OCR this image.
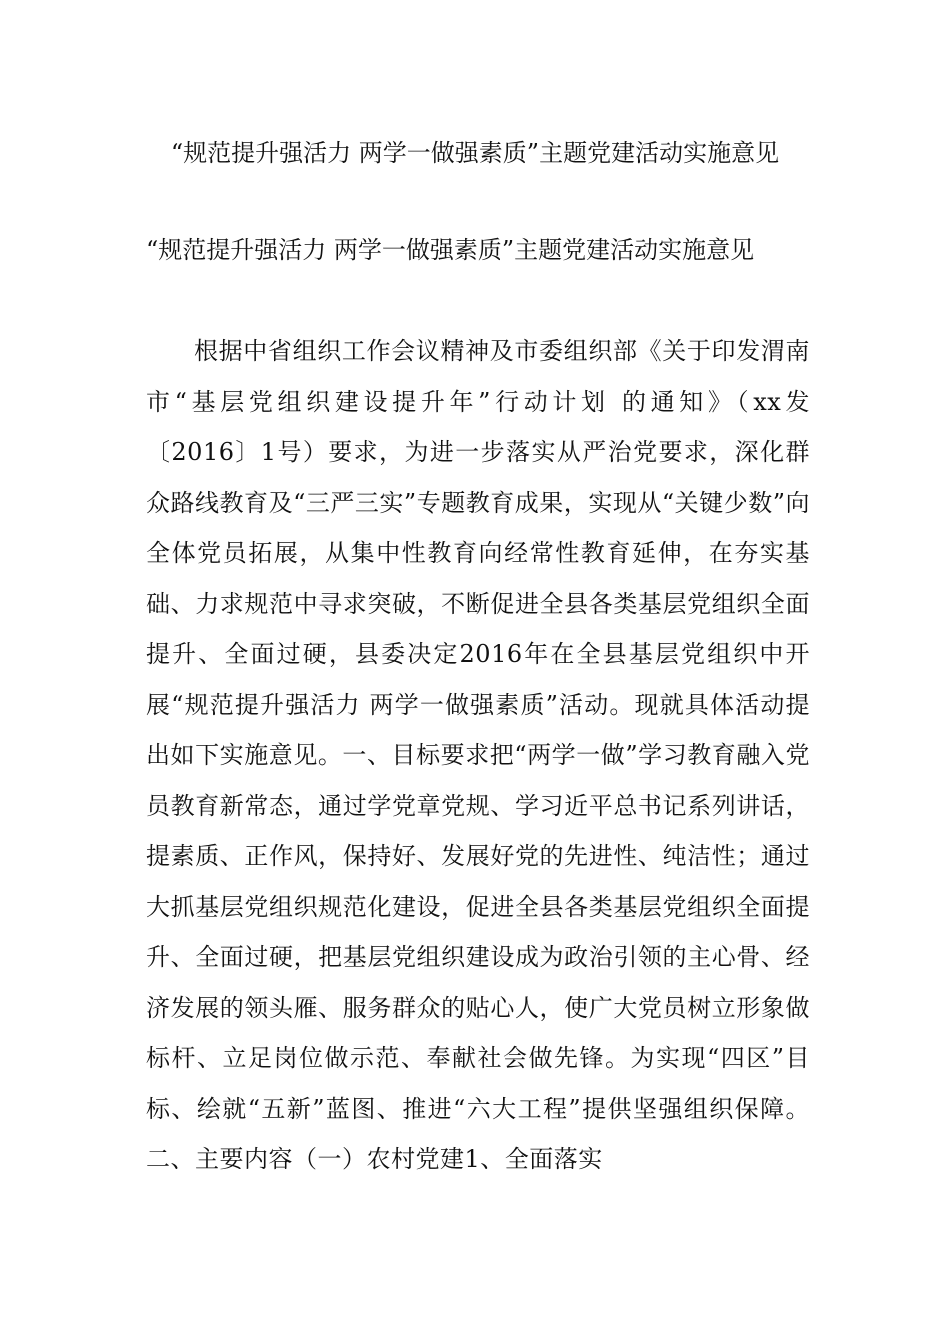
“规范提升强活力 两学一做强素质”主题党建活动实施意见
“规范提升强活力 两学一做强素质”主题党建活动实施意见

根据中省组织工作会议精神及市委组织部《关于印发渭南市“基层党组织建设提升年”行动计划 的通知》（xx发〔2016〕1号）要求，为进一步落实从严治党要求，深化群众路线教育及“三严三实”专题教育成果，实现从“关键少数”向全体党员拓展，从集中性教育向经常性教育延伸，在夯实基础、力求规范中寻求突破，不断促进全县各类基层党组织全面提升、全面过硬，县委决定2016年在全县基层党组织中开展“规范提升强活力 两学一做强素质”活动。现就具体活动提出如下实施意见。一、目标要求把“两学一做”学习教育融入党员教育新常态，通过学党章党规、学习近平总书记系列讲话，提素质、正作风，保持好、发展好党的先进性、纯洁性；通过大抓基层党组织规范化建设，促进全县各类基层党组织全面提升、全面过硬，把基层党组织建设成为政治引领的主心骨、经济发展的领头雁、服务群众的贴心人，使广大党员树立形象做标杆、立足岗位做示范、奉献社会做先锋。为实现“四区”目标、绘就“五新”蓝图、推进“六大工程”提供坚强组织保障。二、主要内容（一）农村党建1、全面落实
